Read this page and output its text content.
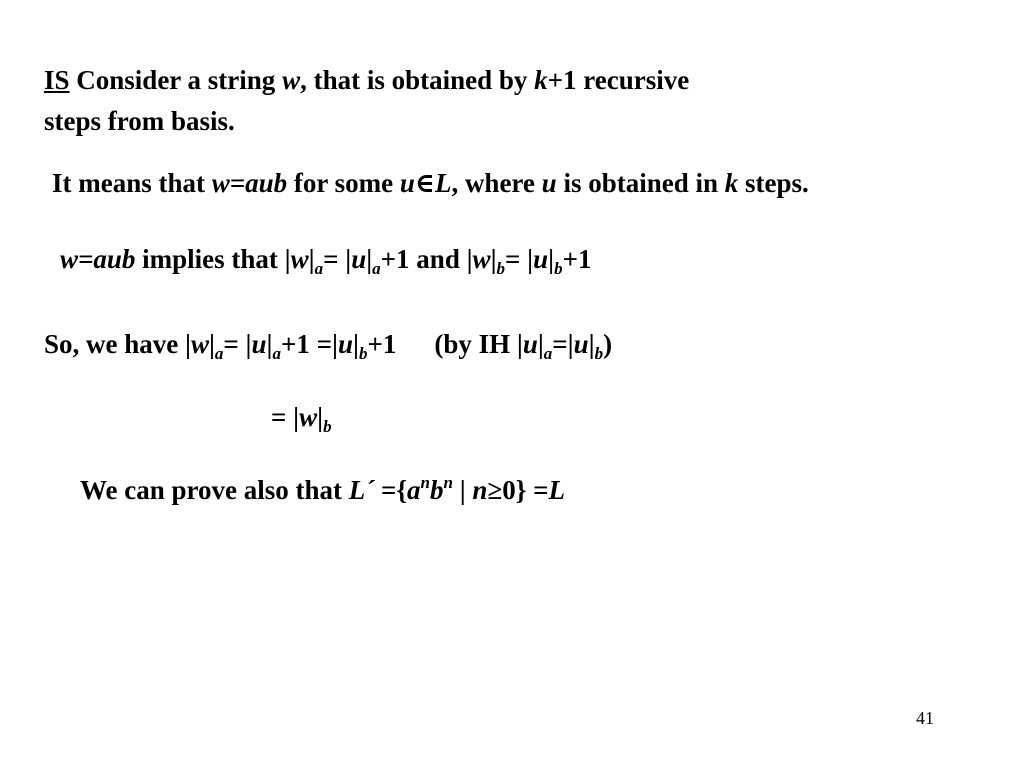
IS Consider a string w, that is obtained by k+1 recursive
steps from basis.
It means that w=aub for some u∈L, where u is obtained in k steps.
w=aub implies that $|w|_a= |u|_a+1$ and $|w|_b= |u|_b+1$
So, we have $|w|_a= |u|_a+1 =|u|_b+1$ (by IH $|u|_a=|u|_b$)
= $|w|_b$
We can prove also that L´ $=\{a^nb^n$ | n≥0} =L
41
